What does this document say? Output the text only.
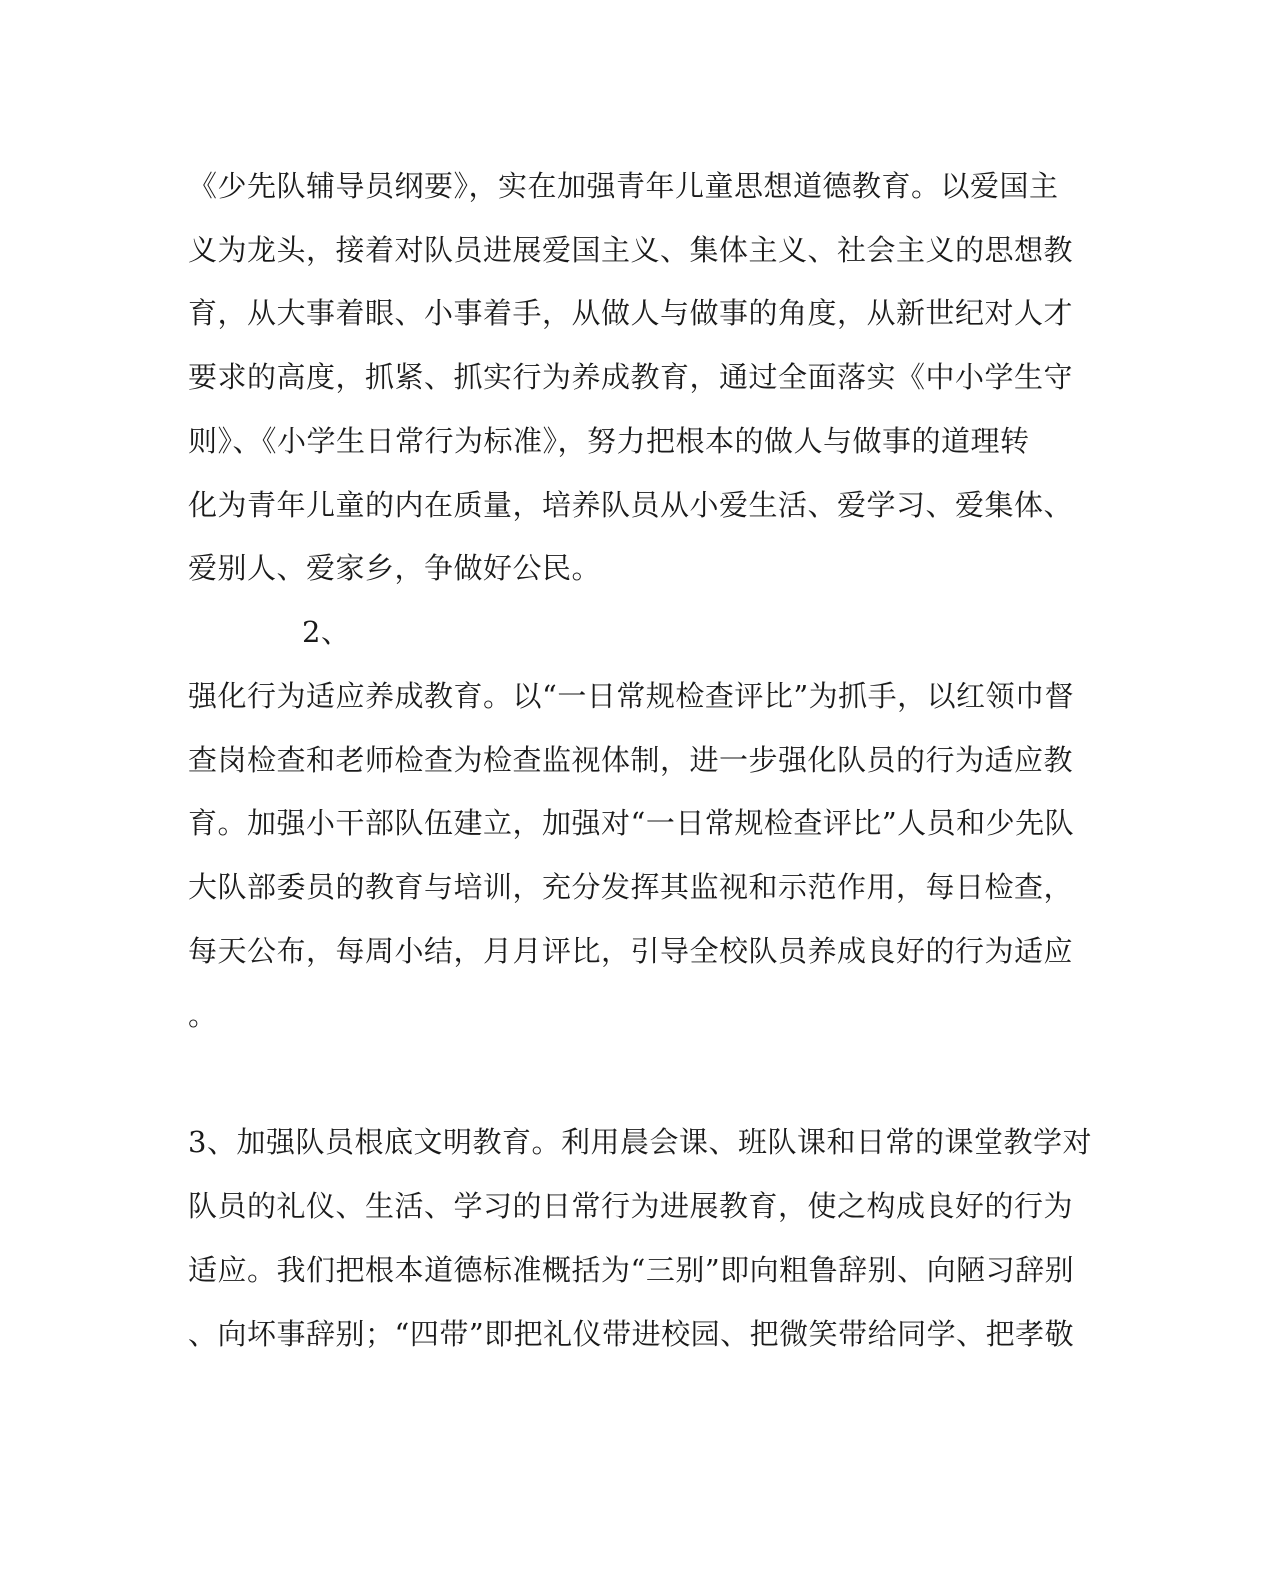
《少先队辅导员纲要》，实在加强青年儿童思想道德教育。以爱国主
义为龙头，接着对队员进展爱国主义、集体主义、社会主义的思想教
育，从大事着眼、小事着手，从做人与做事的角度，从新世纪对人才
要求的高度，抓紧、抓实行为养成教育，通过全面落实《中小学生守
则》、《小学生日常行为标准》，努力把根本的做人与做事的道理转
化为青年儿童的内在质量，培养队员从小爱生活、爱学习、爱集体、
爱别人、爱家乡，争做好公民。
2、
强化行为适应养成教育。以“一日常规检查评比”为抓手，以红领巾督
查岗检查和老师检查为检查监视体制，进一步强化队员的行为适应教
育。加强小干部队伍建立，加强对“一日常规检查评比”人员和少先队
大队部委员的教育与培训，充分发挥其监视和示范作用，每日检查，
每天公布，每周小结，月月评比，引导全校队员养成良好的行为适应
。
3、加强队员根底文明教育。利用晨会课、班队课和日常的课堂教学对
队员的礼仪、生活、学习的日常行为进展教育，使之构成良好的行为
适应。我们把根本道德标准概括为“三别”即向粗鲁辞别、向陋习辞别
、向坏事辞别；“四带”即把礼仪带进校园、把微笑带给同学、把孝敬
